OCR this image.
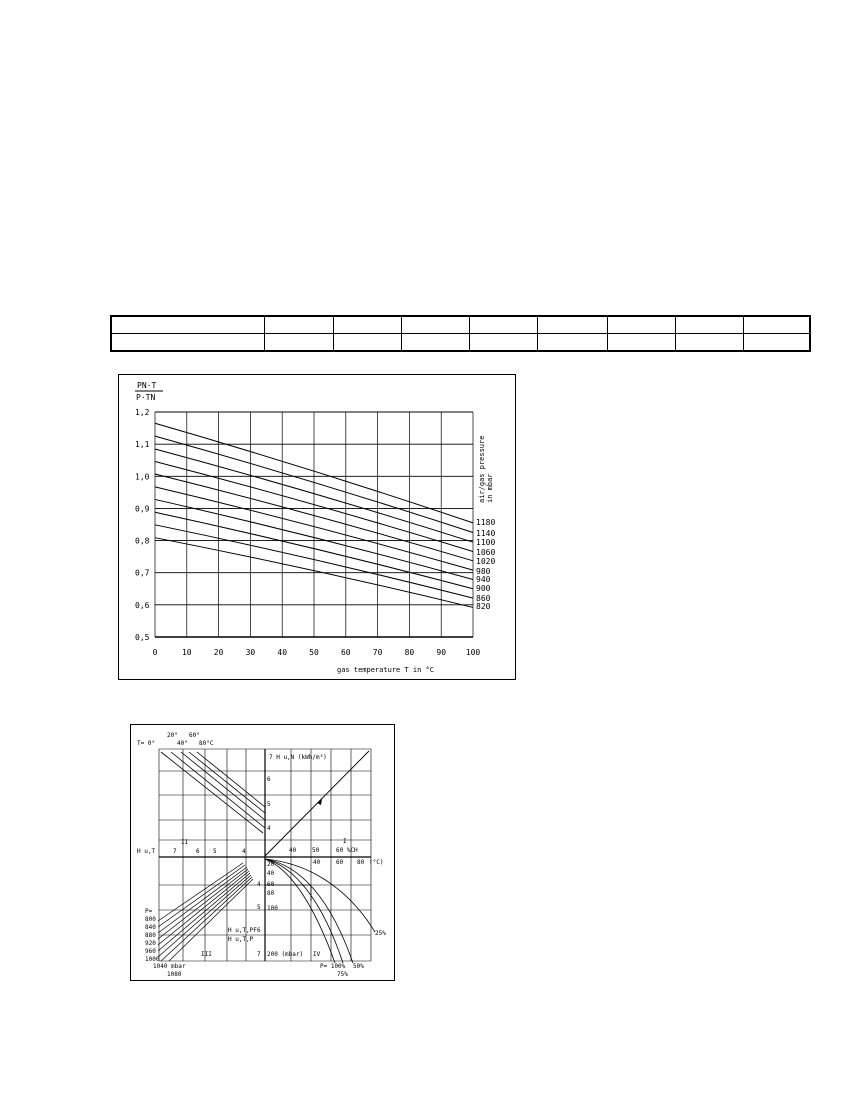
1180
1140
1100
1060
1020
980
940
900
860
820
PN·T
P·TN
0	10	20	30	40	50	60	70	80	90 100
0,5
0,6
0,7
0,8
0,9
1,0
1,1
1,2
gas temperature T in °C
air/gas pressure in mbar
T= 0°
20°
40°
60°
80°C
7 H u,N (kWh/m³)
6
5
4
II
H u,T	7	6 5	4
I
40	50	60 %CH
40	60 80 (°C)
20
40
60
80
100
200 (mbar)
4
5
6
7
III	IV
H u,T,PF
H u,T,P
P=
800
840
880
920
960
1000
1040 mbar
1080
25%
P= 100% 50%
75%
